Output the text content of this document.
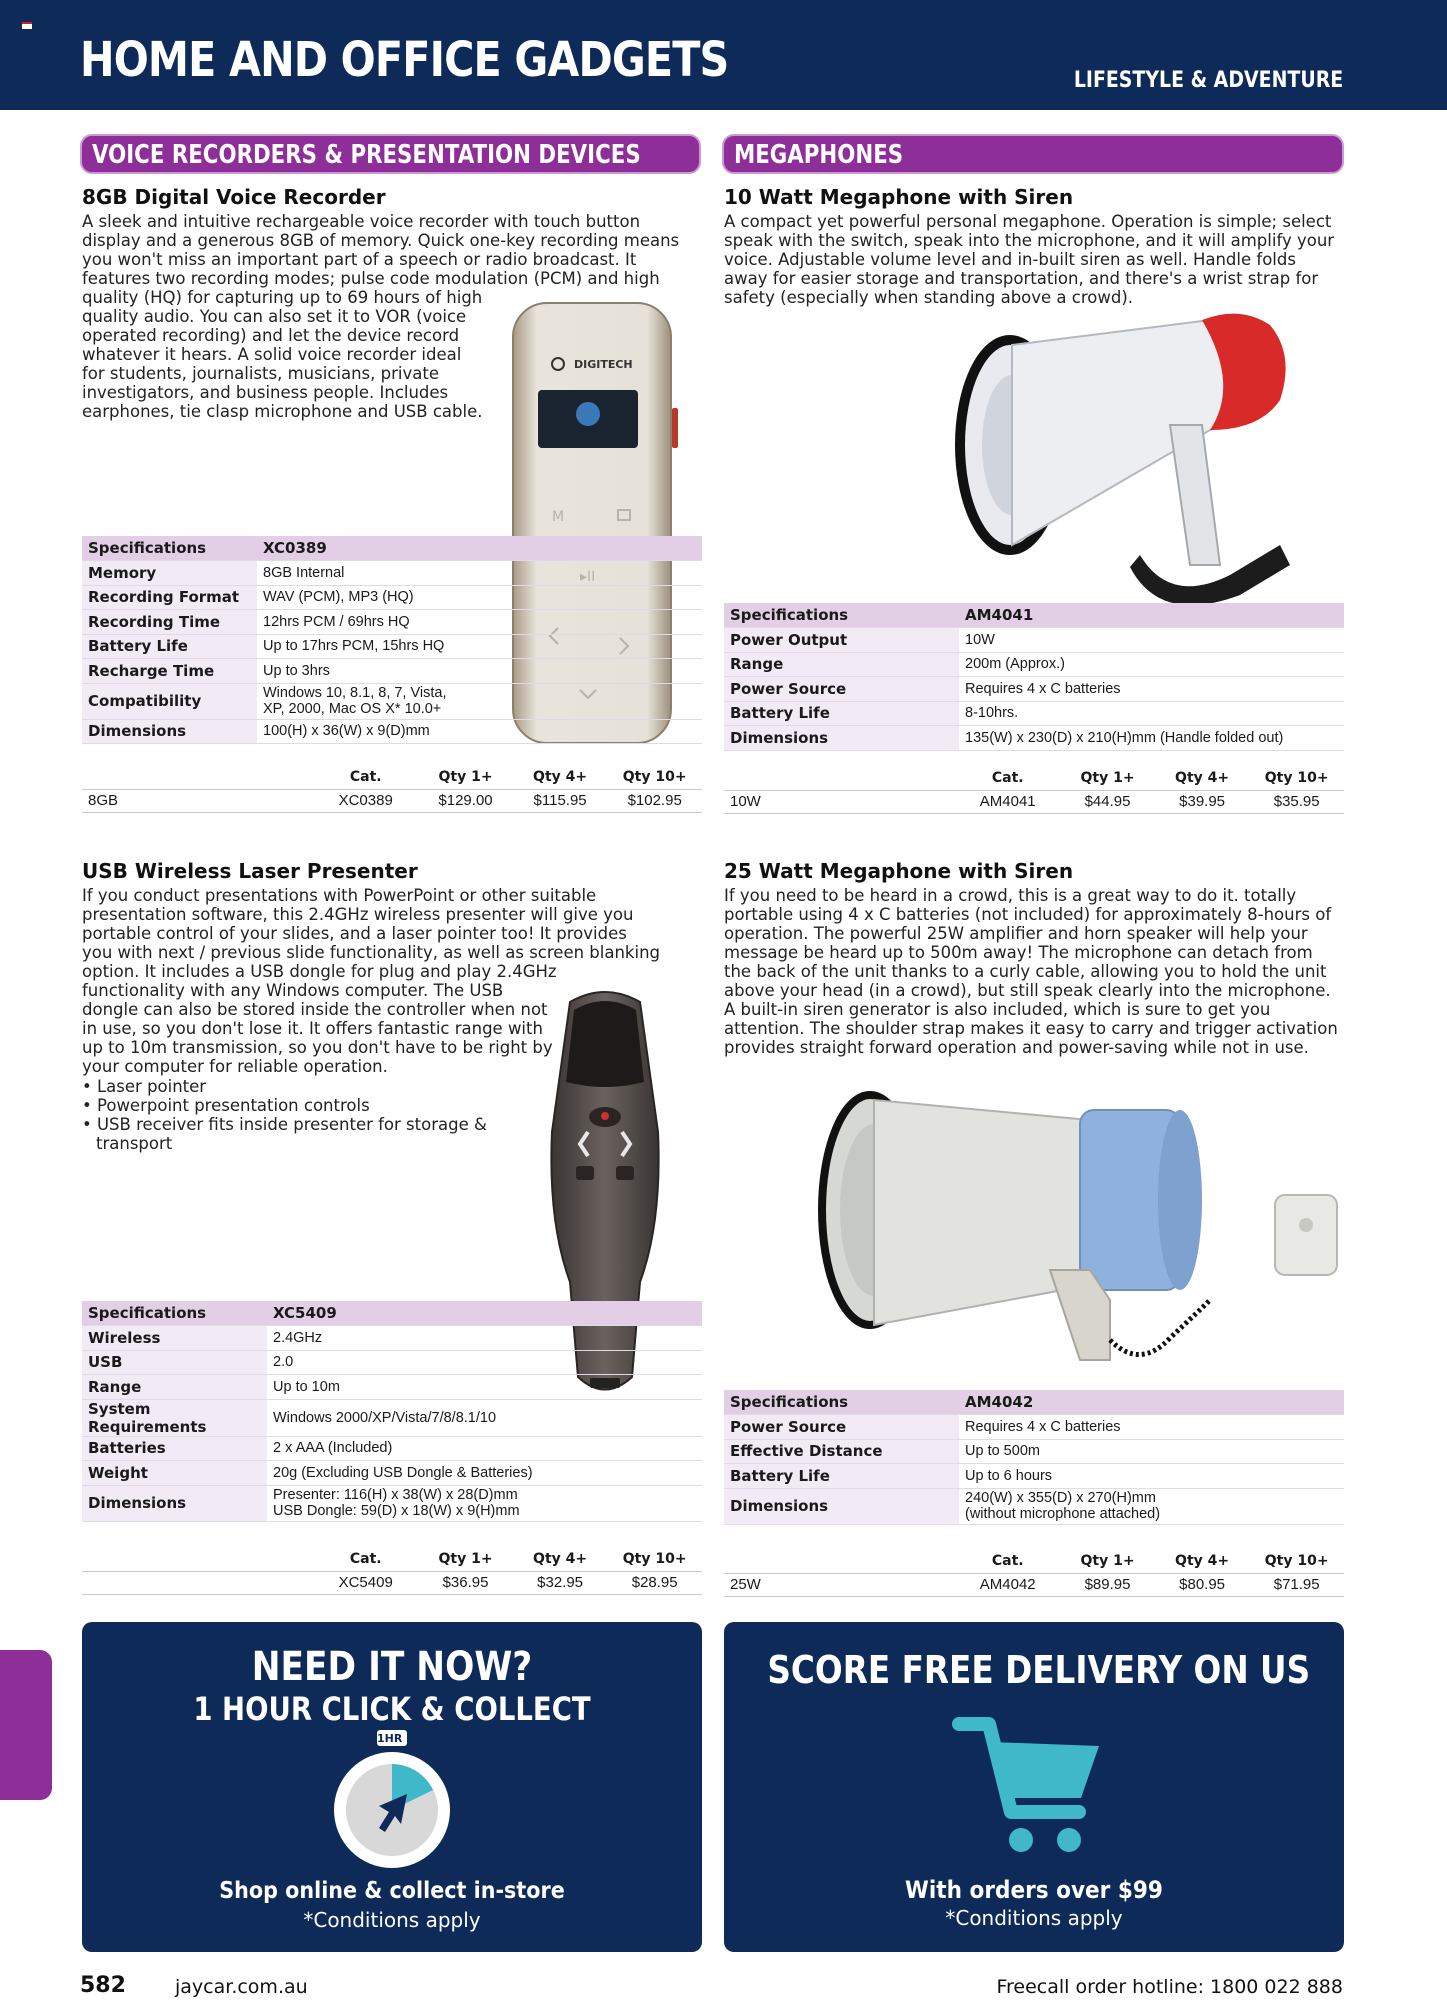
HOME AND OFFICE GADGETS	LIFESTYLE & ADVENTURE
VOICE RECORDERS & PRESENTATION DEVICES	MEGAPHONES
8GB Digital Voice Recorder

A sleek and intuitive rechargeable voice recorder with touch button

display and a generous 8GB of memory. Quick one-key recording means

you won't miss an important part of a speech or radio broadcast. It

features two recording modes; pulse code modulation (PCM) and high

quality (HQ) for capturing up to 69 hours of high

quality audio. You can also set it to VOR (voice

operated recording) and let the device record

whatever it hears. A solid voice recorder ideal

for students, journalists, musicians, private

investigators, and business people. Includes

earphones, tie clasp microphone and USB cable.

DIGITECH
M
▸II
Specifications	XC0389
Memory	8GB Internal
Recording Format	WAV (PCM), MP3 (HQ)
Recording Time	12hrs PCM / 69hrs HQ
Battery Life	Up to 17hrs PCM, 15hrs HQ
Recharge Time	Up to 3hrs
Compatibility	Windows 10, 8.1, 8, 7, Vista,
XP, 2000, Mac OS X* 10.0+
Dimensions	100(H) x 36(W) x 9(D)mm
	Cat.	Qty 1+	Qty 4+	Qty 10+
8GB	XC0389	$129.00	$115.95	$102.95
USB Wireless Laser Presenter

If you conduct presentations with PowerPoint or other suitable

presentation software, this 2.4GHz wireless presenter will give you

portable control of your slides, and a laser pointer too! It provides

you with next / previous slide functionality, as well as screen blanking

option. It includes a USB dongle for plug and play 2.4GHz

functionality with any Windows computer. The USB

dongle can also be stored inside the controller when not

in use, so you don't lose it. It offers fantastic range with

up to 10m transmission, so you don't have to be right by

your computer for reliable operation.

• Laser pointer
• Powerpoint presentation controls
• USB receiver fits inside presenter for storage &
transport
Specifications	XC5409
Wireless	2.4GHz
USB	2.0
Range	Up to 10m
System
Requirements	Windows 2000/XP/Vista/7/8/8.1/10
Batteries	2 x AAA (Included)
Weight	20g (Excluding USB Dongle & Batteries)
Dimensions	Presenter: 116(H) x 38(W) x 28(D)mm
USB Dongle: 59(D) x 18(W) x 9(H)mm
	Cat.	Qty 1+	Qty 4+	Qty 10+
	XC5409	$36.95	$32.95	$28.95
10 Watt Megaphone with Siren

A compact yet powerful personal megaphone. Operation is simple; select

speak with the switch, speak into the microphone, and it will amplify your

voice. Adjustable volume level and in-built siren as well. Handle folds

away for easier storage and transportation, and there's a wrist strap for

safety (especially when standing above a crowd).

Specifications	AM4041
Power Output	10W
Range	200m (Approx.)
Power Source	Requires 4 x C batteries
Battery Life	8-10hrs.
Dimensions	135(W) x 230(D) x 210(H)mm (Handle folded out)
	Cat.	Qty 1+	Qty 4+	Qty 10+
10W	AM4041	$44.95	$39.95	$35.95
25 Watt Megaphone with Siren

If you need to be heard in a crowd, this is a great way to do it. totally

portable using 4 x C batteries (not included) for approximately 8-hours of

operation. The powerful 25W amplifier and horn speaker will help your

message be heard up to 500m away! The microphone can detach from

the back of the unit thanks to a curly cable, allowing you to hold the unit

above your head (in a crowd), but still speak clearly into the microphone.

A built-in siren generator is also included, which is sure to get you

attention. The shoulder strap makes it easy to carry and trigger activation

provides straight forward operation and power-saving while not in use.

Specifications	AM4042
Power Source	Requires 4 x C batteries
Effective Distance	Up to 500m
Battery Life	Up to 6 hours
Dimensions	240(W) x 355(D) x 270(H)mm
(without microphone attached)
	Cat.	Qty 1+	Qty 4+	Qty 10+
25W	AM4042	$89.95	$80.95	$71.95
NEED IT NOW?
1 HOUR CLICK & COLLECT
1HR
Shop online & collect in-store
*Conditions apply
SCORE FREE DELIVERY ON US
With orders over $99
*Conditions apply
582	jaycar.com.au	Freecall order hotline: 1800 022 888
